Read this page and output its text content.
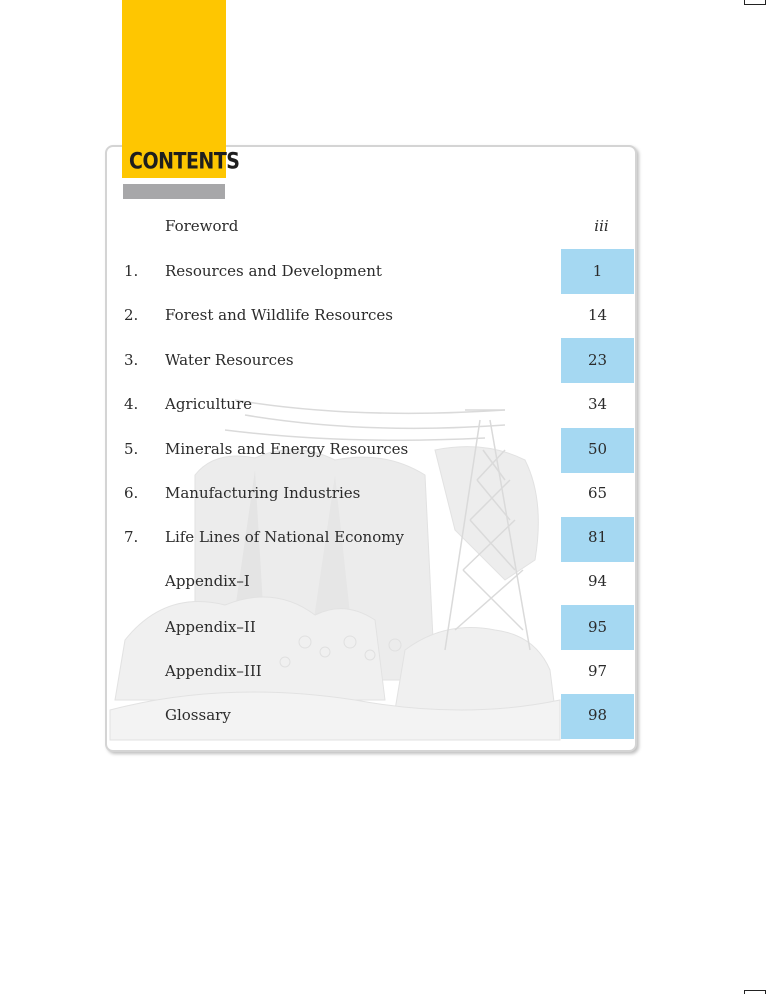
CONTENTS
Foreword	iii
1. Resources and Development	1
2. Forest and Wildlife Resources	14
3. Water Resources	23
4. Agriculture	34
5. Minerals and Energy Resources	50
6. Manufacturing Industries	65
7. Life Lines of National Economy	81
Appendix–I	94
Appendix–II	95
Appendix–III	97
Glossary	98
